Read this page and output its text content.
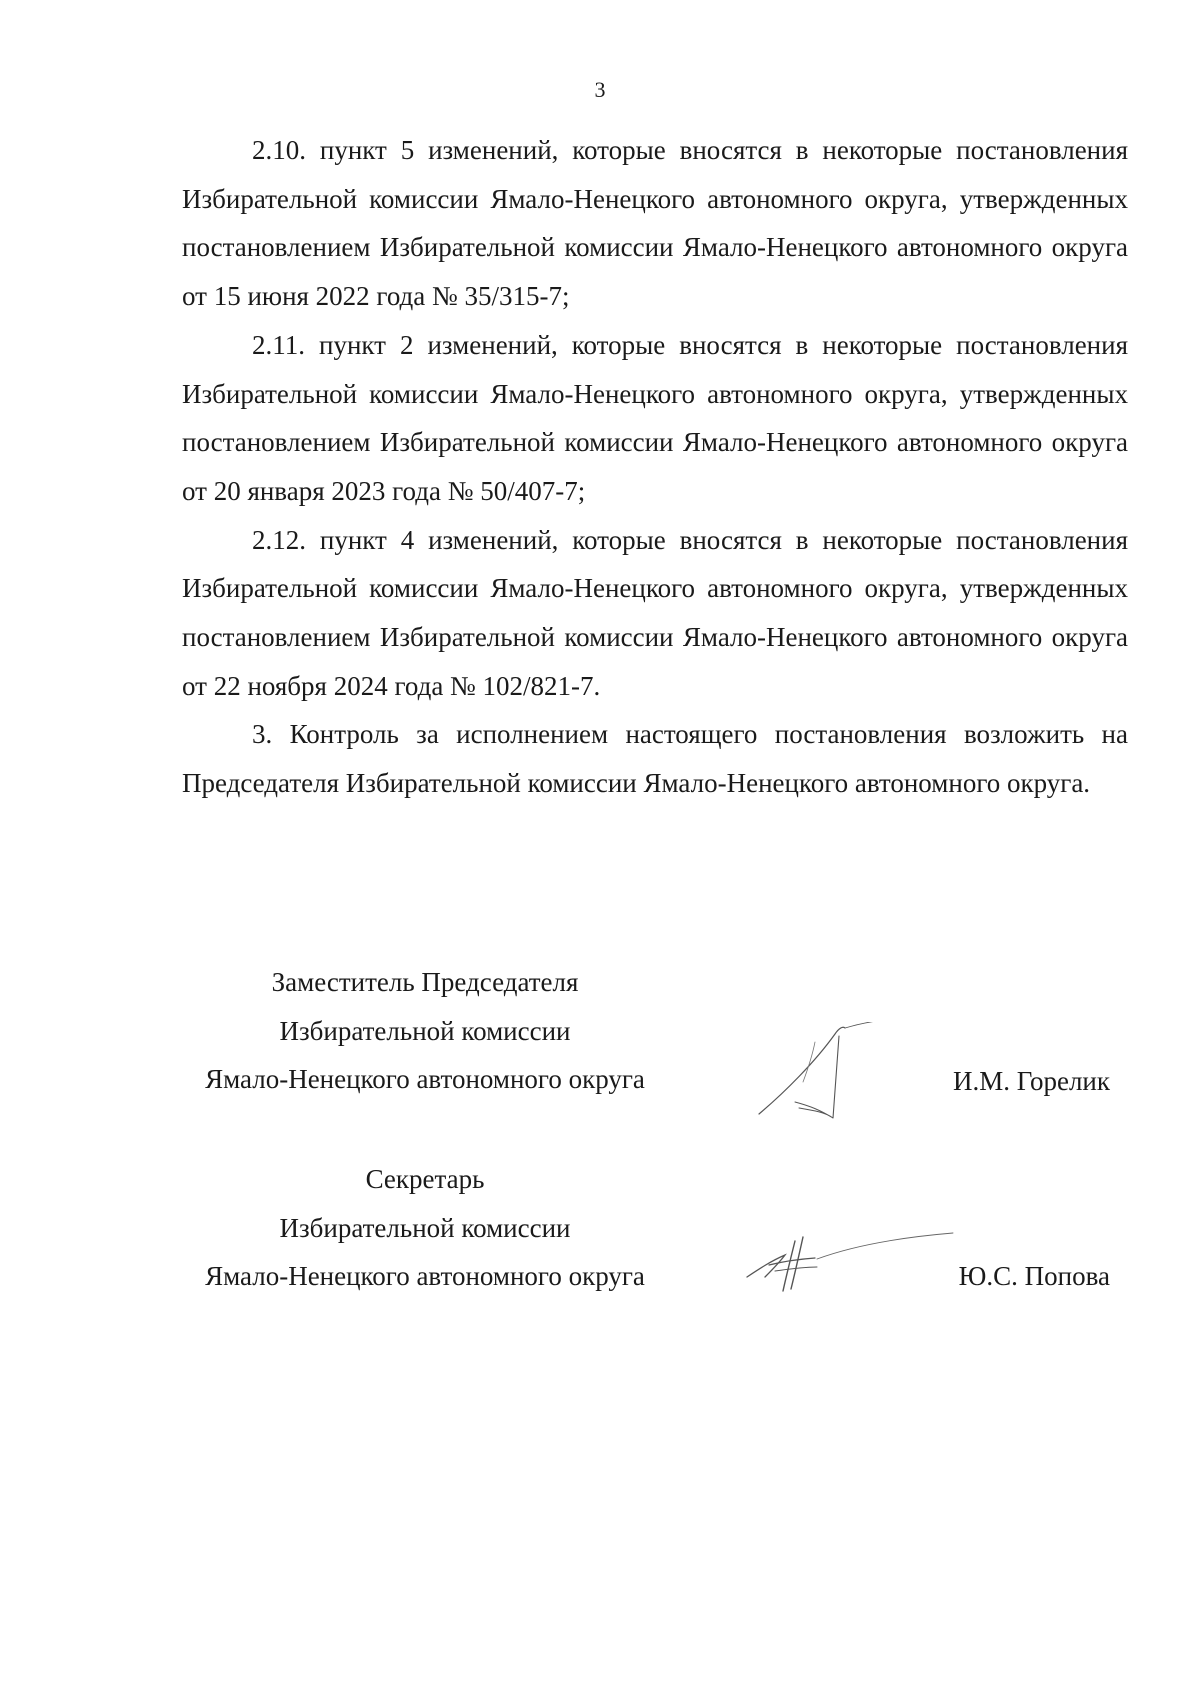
3

2.10. пункт 5 изменений, которые вносятся в некоторые постановления Избирательной комиссии Ямало-Ненецкого автономного округа, утвержденных постановлением Избирательной комиссии Ямало-Ненецкого автономного округа от 15 июня 2022 года № 35/315-7;

2.11. пункт 2 изменений, которые вносятся в некоторые постановления Избирательной комиссии Ямало-Ненецкого автономного округа, утвержденных постановлением Избирательной комиссии Ямало-Ненецкого автономного округа от 20 января 2023 года № 50/407-7;

2.12. пункт 4 изменений, которые вносятся в некоторые постановления Избирательной комиссии Ямало-Ненецкого автономного округа, утвержденных постановлением Избирательной комиссии Ямало-Ненецкого автономного округа от 22 ноября 2024 года № 102/821-7.

3. Контроль за исполнением настоящего постановления возложить на Председателя Избирательной комиссии Ямало-Ненецкого автономного округа.

Заместитель Председателя
Избирательной комиссии
Ямало-Ненецкого автономного округа	И.М. Горелик
Секретарь
Избирательной комиссии
Ямало-Ненецкого автономного округа	Ю.С. Попова
